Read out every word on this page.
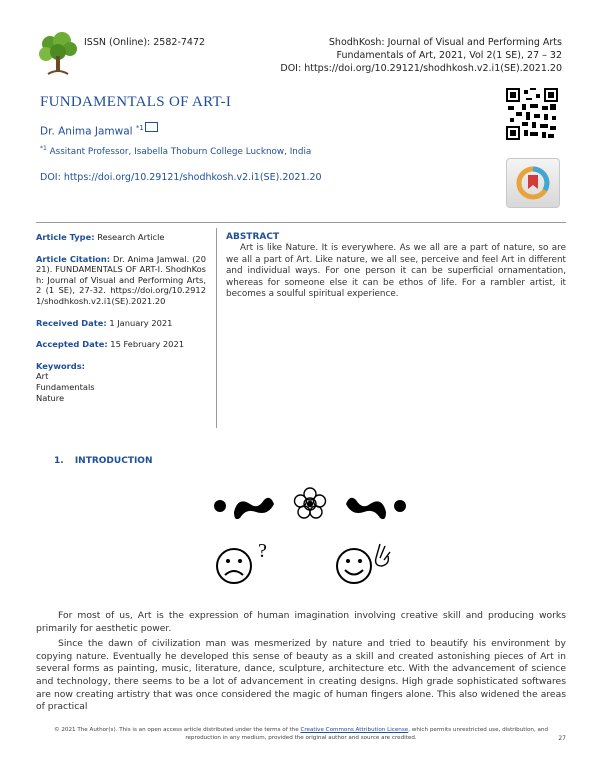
ISSN (Online): 2582-7472	ShodhKosh: Journal of Visual and Performing Arts
Fundamentals of Art, 2021, Vol 2(1 SE), 27 – 32
DOI: https://doi.org/10.29121/shodhkosh.v2.i1(SE).2021.20
FUNDAMENTALS OF ART-I
Dr. Anima Jamwal $^{*1}$
$^{*1}$ Assitant Professor, Isabella Thoburn College Lucknow, India
DOI: https://doi.org/10.29121/shodhkosh.v2.i1(SE).2021.20

Article Type: Research Article

Article Citation: Dr. Anima Jamwal. (2021). FUNDAMENTALS OF ART-I. ShodhKosh: Journal of Visual and Performing Arts, 2 (1 SE), 27-32. https://doi.org/10.29121/shodhkosh.v2.i1(SE).2021.20

Received Date: 1 January 2021

Accepted Date: 15 February 2021

Keywords:
Art
Fundamentals
Nature
ABSTRACT
Art is like Nature. It is everywhere. As we all are a part of nature, so are we all a part of Art. Like nature, we all see, perceive and feel Art in different and individual ways. For one person it can be superficial ornamentation, whereas for someone else it can be ethos of life. For a rambler artist, it becomes a soulful spiritual experience.
1. INTRODUCTION
?

For most of us, Art is the expression of human imagination involving creative skill and producing works primarily for aesthetic power.

Since the dawn of civilization man was mesmerized by nature and tried to beautify his environment by copying nature. Eventually he developed this sense of beauty as a skill and created astonishing pieces of Art in several forms as painting, music, literature, dance, sculpture, architecture etc. With the advancement of science and technology, there seems to be a lot of advancement in creating designs. High grade sophisticated softwares are now creating artistry that was once considered the magic of human fingers alone. This also widened the areas of practical

© 2021 The Author(s). This is an open access article distributed under the terms of the Creative Commons Attribution License, which permits unrestricted use, distribution, and reproduction in any medium, provided the original author and source are credited.	27
